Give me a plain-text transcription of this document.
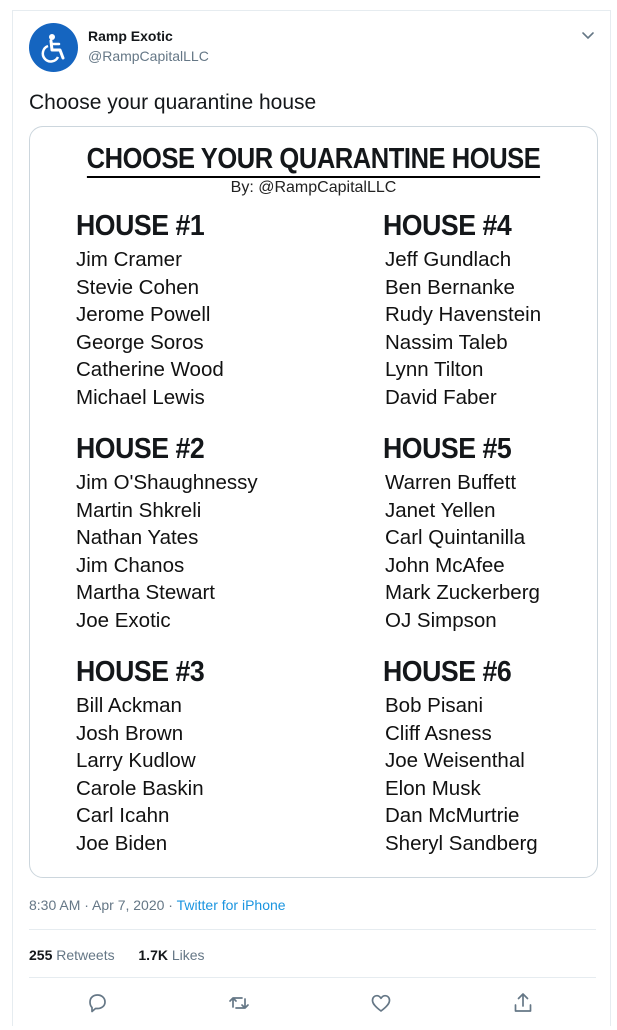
Ramp Exotic
@RampCapitalLLC
Choose your quarantine house
CHOOSE YOUR QUARANTINE HOUSE
By: @RampCapitalLLC
HOUSE #1
Jim Cramer
Stevie Cohen
Jerome Powell
George Soros
Catherine Wood
Michael Lewis
HOUSE #2
Jim O'Shaughnessy
Martin Shkreli
Nathan Yates
Jim Chanos
Martha Stewart
Joe Exotic
HOUSE #3
Bill Ackman
Josh Brown
Larry Kudlow
Carole Baskin
Carl Icahn
Joe Biden
HOUSE #4
Jeff Gundlach
Ben Bernanke
Rudy Havenstein
Nassim Taleb
Lynn Tilton
David Faber
HOUSE #5
Warren Buffett
Janet Yellen
Carl Quintanilla
John McAfee
Mark Zuckerberg
OJ Simpson
HOUSE #6
Bob Pisani
Cliff Asness
Joe Weisenthal
Elon Musk
Dan McMurtrie
Sheryl Sandberg
8:30 AM · Apr 7, 2020 · Twitter for iPhone
255 Retweets 1.7K Likes
